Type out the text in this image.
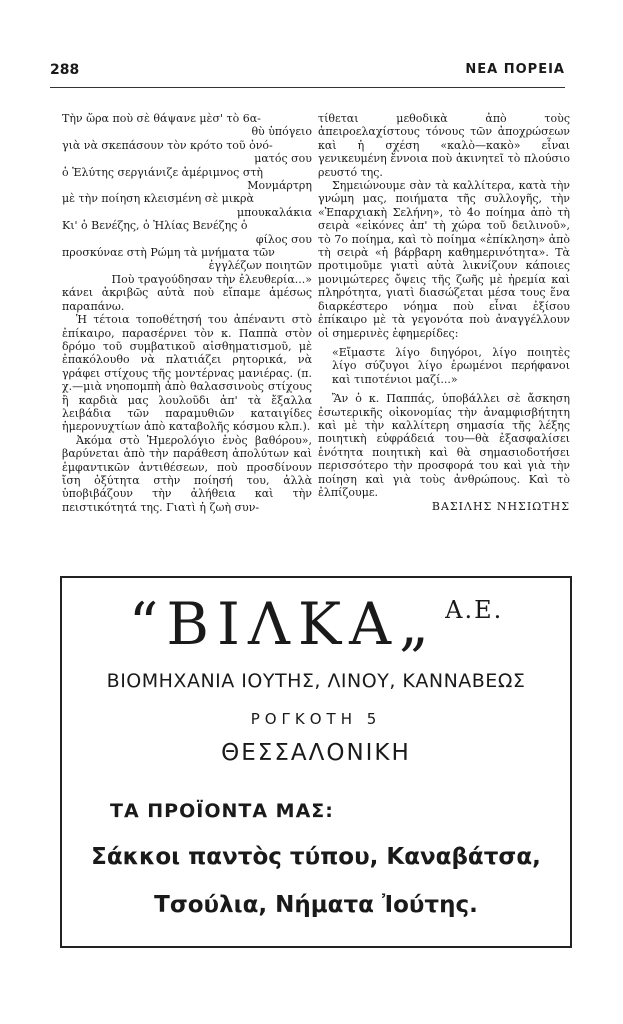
288	ΝΕΑ ΠΟΡΕΙΑ
Τὴν ὥρα ποὺ σὲ θάψανε μὲσ' τὸ 6α-
θὺ ὑπόγειο
γιὰ νὰ σκεπάσουν τὸν κρότο τοῦ ὀνό-
ματός σου
ὁ Ἐλύτης σεργιάνιζε ἀμέριμνος στὴ
Μονμάρτρη
μὲ τὴν ποίηση κλεισμένη σὲ μικρὰ
μπουκαλάκια
Κι' ὁ Βενέζης, ὁ Ἠλίας Βενέζης ὁ
φίλος σου
προσκύναε στὴ Ρώμη τὰ μνήματα τῶν
ἐγγλέζων ποιητῶν
Ποὺ τραγούδησαν τὴν ἐλευθερία...»

κάνει ἀκριβῶς αὐτὰ ποὺ εἴπαμε ἀμέσως παραπάνω.

Ἡ τέτοια τοποθέτησή του ἀπέναντι στὸ ἐπίκαιρο, παρασέρνει τὸν κ. Παππὰ στὸν δρόμο τοῦ συμβατικοῦ αἰσθηματισμοῦ, μὲ ἐπακόλουθο νὰ πλατιάζει ρητορικά, νὰ γράφει στίχους τῆς μοντέρνας μανιέρας. (π. χ.—μιὰ νηοπομπὴ ἀπὸ θαλασσινοὺς στίχους ἢ καρδιὰ μας λουλοῦδι ἀπ' τὰ ἔξαλλα λειβάδια τῶν παραμυθιῶν καταιγίδες ἡμερονυχτίων ἀπὸ καταβολῆς κόσμου κλπ.).

Ἀκόμα στὸ Ἡμερολόγιο ἑνὸς βαθόρου», βαρύνεται ἀπὸ τὴν παράθεση ἀπολύτων καὶ ἐμφαντικῶν ἀντιθέσεων, ποὺ προσδίνουν ἴση ὀξύτητα στὴν ποίησή του, ἀλλὰ ὑποβιβάζουν τὴν ἀλήθεια καὶ τὴν πειστικότητά της. Γιατὶ ἡ ζωὴ συν-

τίθεται μεθοδικὰ ἀπὸ τοὺς ἀπειροελαχίστους τόνους τῶν ἀποχρώσεων καὶ ἡ σχέση «καλὸ—κακὸ» εἶναι γενικευμένη ἔννοια ποὺ ἀκινητεῖ τὸ πλούσιο ρευστό της.

Σημειώνουμε σὰν τὰ καλλίτερα, κατὰ τὴν γνώμη μας, ποιήματα τῆς συλλογῆς, τὴν «Ἐπαρχιακὴ Σελήνη», τὸ 4ο ποίημα ἀπὸ τὴ σειρὰ «εἰκόνες ἀπ' τὴ χώρα τοῦ δειλινοῦ», τὸ 7ο ποίημα, καὶ τὸ ποίημα «ἐπίκληση» ἀπὸ τὴ σειρὰ «ἡ βάρβαρη καθημερινότητα». Τὰ προτιμοῦμε γιατὶ αὐτὰ λικνίζουν κάποιες μονιμώτερες ὄψεις τῆς ζωῆς μὲ ἠρεμία καὶ πληρότητα, γιατὶ διασώζεται μέσα τους ἕνα διαρκέστερο νόημα ποὺ εἶναι ἐξίσου ἐπίκαιρο μὲ τὰ γεγονότα ποὺ ἀναγγέλλουν οἱ σημερινὲς ἐφημερίδες:

«Εἴμαστε λίγο διηγόροι, λίγο ποιητὲς λίγο σύζυγοι λίγο ἐρωμένοι περήφανοι καὶ τιποτένιοι μαζί...»

Ἂν ὁ κ. Παππάς, ὑποβάλλει σὲ ἄσκηση ἐσωτερικῆς οἰκονομίας τὴν ἀναμφισβήτητη καὶ μὲ τὴν καλλίτερη σημασία τῆς λέξης ποιητικὴ εὐφράδειά του—θὰ ἐξασφαλίσει ἑνότητα ποιητικὴ καὶ θὰ σημασιοδοτήσει περισσότερο τὴν προσφορά του καὶ γιὰ τὴν ποίηση καὶ γιὰ τοὺς ἀνθρώπους. Καὶ τὸ ἐλπίζουμε.

ΒΑΣΙΛΗΣ ΝΗΣΙΩΤΗΣ

“ΒΙΛΚΑ„ Α.Ε.
ΒΙΟΜΗΧΑΝΙΑ ΙΟΥΤΗΣ, ΛΙΝΟΥ, ΚΑΝΝΑΒΕΩΣ
ΡΟΓΚΟΤΗ 5
ΘΕΣΣΑΛΟΝΙΚΗ
ΤΑ ΠΡΟΪΟΝΤΑ ΜΑΣ:
Σάκκοι παντὸς τύπου, Καναβάτσα,
Τσούλια, Νήματα Ἰούτης.
